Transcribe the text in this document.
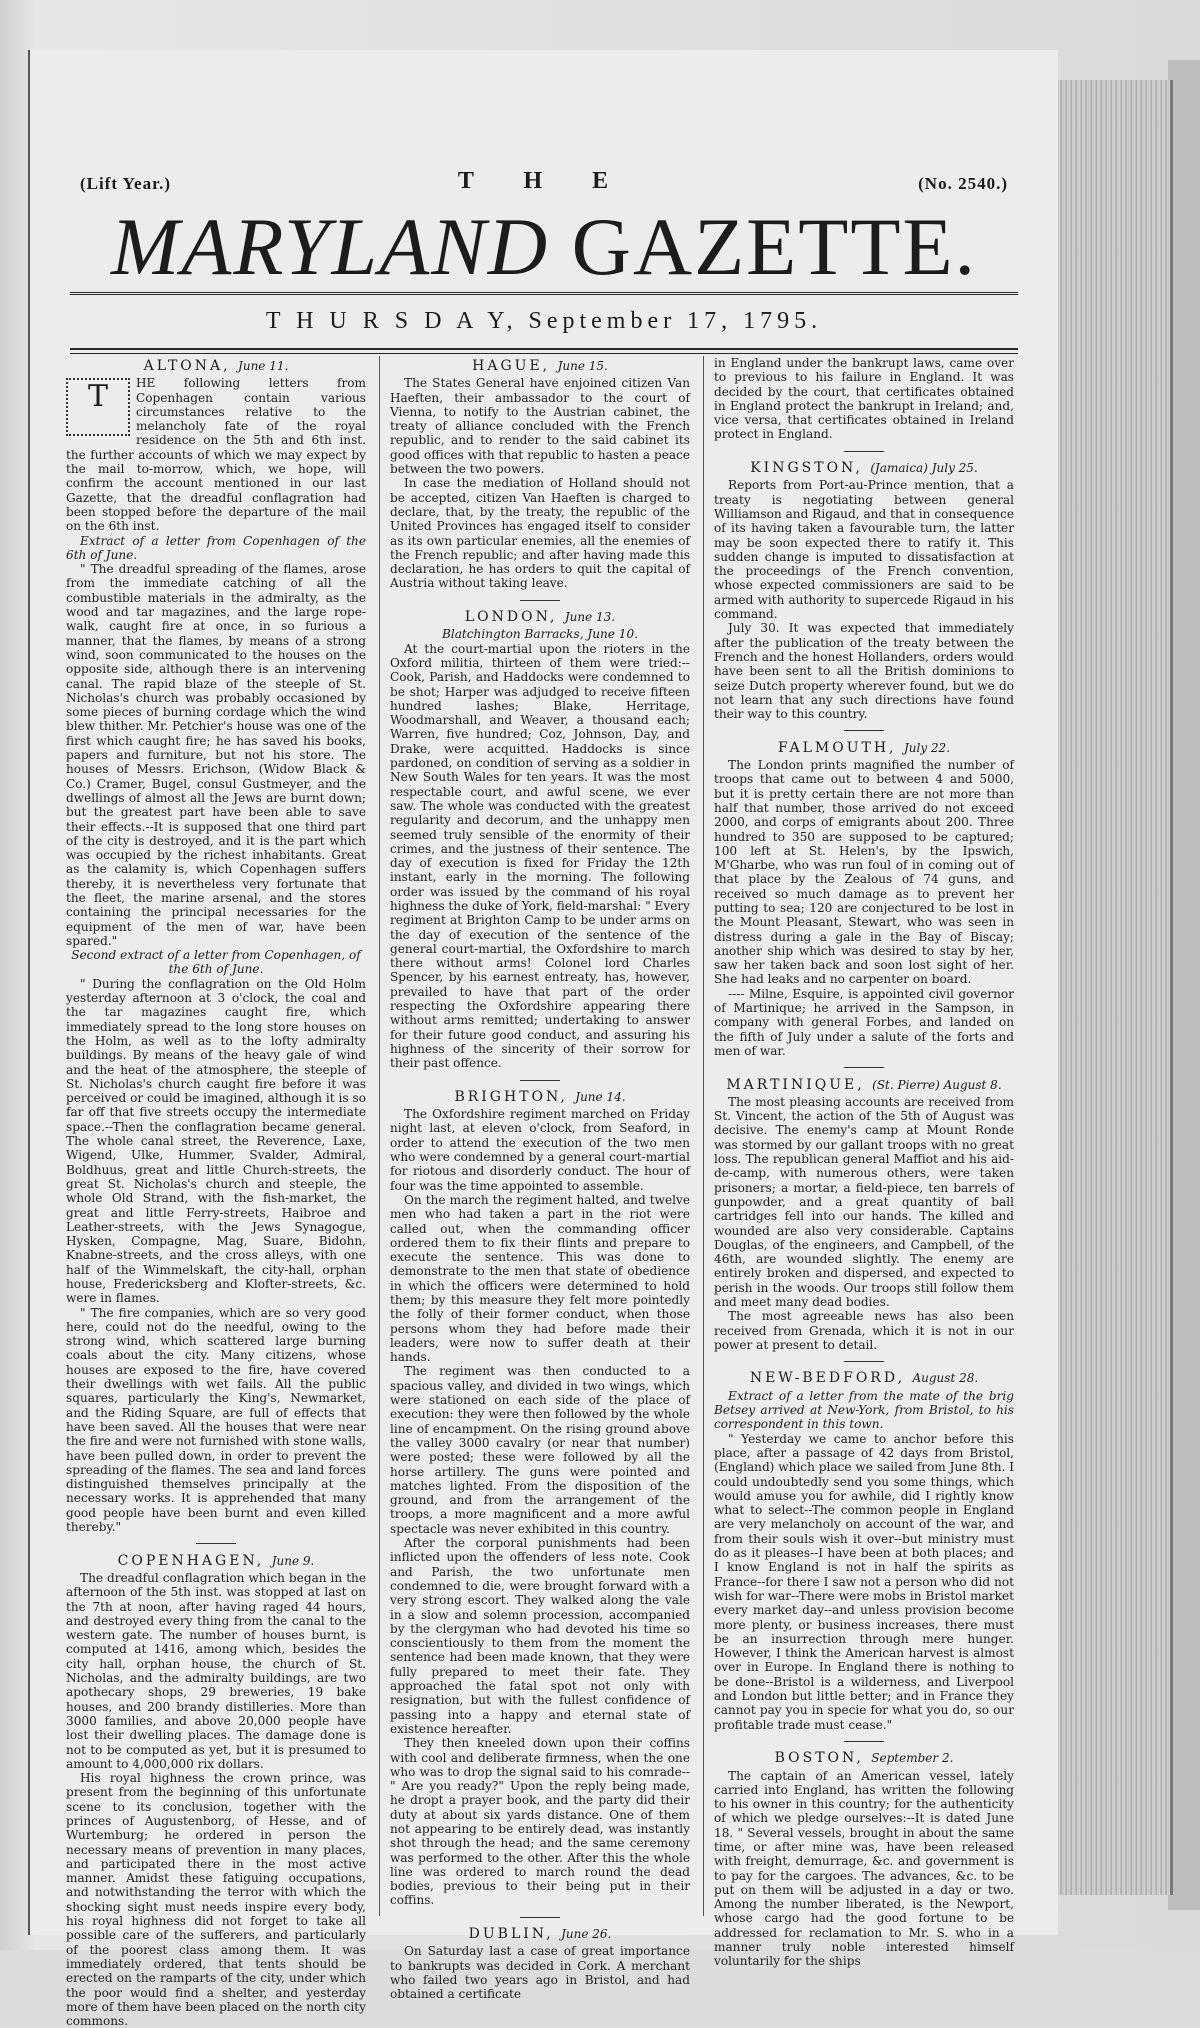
(Lift Year.)	T H E	(No. 2540.)
MARYLAND GAZETTE.
T H U R S D A Y, September 17, 1795.
ALTONA, June 11.
T	HE following letters from Copenhagen contain various circumstances relative to the melancholy fate of the royal residence on the 5th and 6th inst. the further accounts of which we may expect by the mail to-morrow, which, we hope, will confirm the account mentioned in our last Gazette, that the dreadful conflagration had been stopped before the departure of the mail on the 6th inst.

Extract of a letter from Copenhagen of the 6th of June.

" The dreadful spreading of the flames, arose from the immediate catching of all the combustible materials in the admiralty, as the wood and tar magazines, and the large rope-walk, caught fire at once, in so furious a manner, that the flames, by means of a strong wind, soon communicated to the houses on the opposite side, although there is an intervening canal. The rapid blaze of the steeple of St. Nicholas's church was probably occasioned by some pieces of burning cordage which the wind blew thither. Mr. Petchier's house was one of the first which caught fire; he has saved his books, papers and furniture, but not his store. The houses of Messrs. Erichson, (Widow Black & Co.) Cramer, Bugel, consul Gustmeyer, and the dwellings of almost all the Jews are burnt down; but the greatest part have been able to save their effects.--It is supposed that one third part of the city is destroyed, and it is the part which was occupied by the richest inhabitants. Great as the calamity is, which Copenhagen suffers thereby, it is nevertheless very fortunate that the fleet, the marine arsenal, and the stores containing the principal necessaries for the equipment of the men of war, have been spared."

Second extract of a letter from Copenhagen, of the 6th of June.

" During the conflagration on the Old Holm yesterday afternoon at 3 o'clock, the coal and the tar magazines caught fire, which immediately spread to the long store houses on the Holm, as well as to the lofty admiralty buildings. By means of the heavy gale of wind and the heat of the atmosphere, the steeple of St. Nicholas's church caught fire before it was perceived or could be imagined, although it is so far off that five streets occupy the intermediate space.--Then the conflagration became general. The whole canal street, the Reverence, Laxe, Wigend, Ulke, Hummer, Svalder, Admiral, Boldhuus, great and little Church-streets, the great St. Nicholas's church and steeple, the whole Old Strand, with the fish-market, the great and little Ferry-streets, Haibroe and Leather-streets, with the Jews Synagogue, Hysken, Compagne, Mag, Suare, Bidohn, Knabne-streets, and the cross alleys, with one half of the Wimmelskaft, the city-hall, orphan house, Fredericksberg and Klofter-streets, &c. were in flames.

" The fire companies, which are so very good here, could not do the needful, owing to the strong wind, which scattered large burning coals about the city. Many citizens, whose houses are exposed to the fire, have covered their dwellings with wet fails. All the public squares, particularly the King's, Newmarket, and the Riding Square, are full of effects that have been saved. All the houses that were near the fire and were not furnished with stone walls, have been pulled down, in order to prevent the spreading of the flames. The sea and land forces distinguished themselves principally at the necessary works. It is apprehended that many good people have been burnt and even killed thereby."

COPENHAGEN, June 9.

The dreadful conflagration which began in the afternoon of the 5th inst. was stopped at last on the 7th at noon, after having raged 44 hours, and destroyed every thing from the canal to the western gate. The number of houses burnt, is computed at 1416, among which, besides the city hall, orphan house, the church of St. Nicholas, and the admiralty buildings, are two apothecary shops, 29 breweries, 19 bake houses, and 200 brandy distilleries. More than 3000 families, and above 20,000 people have lost their dwelling places. The damage done is not to be computed as yet, but it is presumed to amount to 4,000,000 rix dollars.

His royal highness the crown prince, was present from the beginning of this unfortunate scene to its conclusion, together with the princes of Augustenborg, of Hesse, and of Wurtemburg; he ordered in person the necessary means of prevention in many places, and participated there in the most active manner. Amidst these fatiguing occupations, and notwithstanding the terror with which the shocking sight must needs inspire every body, his royal highness did not forget to take all possible care of the sufferers, and particularly of the poorest class among them. It was immediately ordered, that tents should be erected on the ramparts of the city, under which the poor would find a shelter, and yesterday more of them have been placed on the north city commons.

HAGUE, June 15.

The States General have enjoined citizen Van Haeften, their ambassador to the court of Vienna, to notify to the Austrian cabinet, the treaty of alliance concluded with the French republic, and to render to the said cabinet its good offices with that republic to hasten a peace between the two powers.

In case the mediation of Holland should not be accepted, citizen Van Haeften is charged to declare, that, by the treaty, the republic of the United Provinces has engaged itself to consider as its own particular enemies, all the enemies of the French republic; and after having made this declaration, he has orders to quit the capital of Austria without taking leave.

LONDON, June 13.

Blatchington Barracks, June 10.

At the court-martial upon the rioters in the Oxford militia, thirteen of them were tried:--Cook, Parish, and Haddocks were condemned to be shot; Harper was adjudged to receive fifteen hundred lashes; Blake, Herritage, Woodmarshall, and Weaver, a thousand each; Warren, five hundred; Coz, Johnson, Day, and Drake, were acquitted. Haddocks is since pardoned, on condition of serving as a soldier in New South Wales for ten years. It was the most respectable court, and awful scene, we ever saw. The whole was conducted with the greatest regularity and decorum, and the unhappy men seemed truly sensible of the enormity of their crimes, and the justness of their sentence. The day of execution is fixed for Friday the 12th instant, early in the morning. The following order was issued by the command of his royal highness the duke of York, field-marshal: " Every regiment at Brighton Camp to be under arms on the day of execution of the sentence of the general court-martial, the Oxfordshire to march there without arms! Colonel lord Charles Spencer, by his earnest entreaty, has, however, prevailed to have that part of the order respecting the Oxfordshire appearing there without arms remitted; undertaking to answer for their future good conduct, and assuring his highness of the sincerity of their sorrow for their past offence.

BRIGHTON, June 14.

The Oxfordshire regiment marched on Friday night last, at eleven o'clock, from Seaford, in order to attend the execution of the two men who were condemned by a general court-martial for riotous and disorderly conduct. The hour of four was the time appointed to assemble.

On the march the regiment halted, and twelve men who had taken a part in the riot were called out, when the commanding officer ordered them to fix their flints and prepare to execute the sentence. This was done to demonstrate to the men that state of obedience in which the officers were determined to hold them; by this measure they felt more pointedly the folly of their former conduct, when those persons whom they had before made their leaders, were now to suffer death at their hands.

The regiment was then conducted to a spacious valley, and divided in two wings, which were stationed on each side of the place of execution: they were then followed by the whole line of encampment. On the rising ground above the valley 3000 cavalry (or near that number) were posted; these were followed by all the horse artillery. The guns were pointed and matches lighted. From the disposition of the ground, and from the arrangement of the troops, a more magnificent and a more awful spectacle was never exhibited in this country.

After the corporal punishments had been inflicted upon the offenders of less note. Cook and Parish, the two unfortunate men condemned to die, were brought forward with a very strong escort. They walked along the vale in a slow and solemn procession, accompanied by the clergyman who had devoted his time so conscientiously to them from the moment the sentence had been made known, that they were fully prepared to meet their fate. They approached the fatal spot not only with resignation, but with the fullest confidence of passing into a happy and eternal state of existence hereafter.

They then kneeled down upon their coffins with cool and deliberate firmness, when the one who was to drop the signal said to his comrade--" Are you ready?" Upon the reply being made, he dropt a prayer book, and the party did their duty at about six yards distance. One of them not appearing to be entirely dead, was instantly shot through the head; and the same ceremony was performed to the other. After this the whole line was ordered to march round the dead bodies, previous to their being put in their coffins.

DUBLIN, June 26.

On Saturday last a case of great importance to bankrupts was decided in Cork. A merchant who failed two years ago in Bristol, and had obtained a certificate

in England under the bankrupt laws, came over to previous to his failure in England. It was decided by the court, that certificates obtained in England protect the bankrupt in Ireland; and, vice versa, that certificates obtained in Ireland protect in England.

KINGSTON, (Jamaica) July 25.

Reports from Port-au-Prince mention, that a treaty is negotiating between general Williamson and Rigaud, and that in consequence of its having taken a favourable turn, the latter may be soon expected there to ratify it. This sudden change is imputed to dissatisfaction at the proceedings of the French convention, whose expected commissioners are said to be armed with authority to supercede Rigaud in his command.

July 30. It was expected that immediately after the publication of the treaty between the French and the honest Hollanders, orders would have been sent to all the British dominions to seize Dutch property wherever found, but we do not learn that any such directions have found their way to this country.

FALMOUTH, July 22.

The London prints magnified the number of troops that came out to between 4 and 5000, but it is pretty certain there are not more than half that number, those arrived do not exceed 2000, and corps of emigrants about 200. Three hundred to 350 are supposed to be captured; 100 left at St. Helen's, by the Ipswich, M'Gharbe, who was run foul of in coming out of that place by the Zealous of 74 guns, and received so much damage as to prevent her putting to sea; 120 are conjectured to be lost in the Mount Pleasant, Stewart, who was seen in distress during a gale in the Bay of Biscay; another ship which was desired to stay by her, saw her taken back and soon lost sight of her. She had leaks and no carpenter on board.

---- Milne, Esquire, is appointed civil governor of Martinique; he arrived in the Sampson, in company with general Forbes, and landed on the fifth of July under a salute of the forts and men of war.

MARTINIQUE, (St. Pierre) August 8.

The most pleasing accounts are received from St. Vincent, the action of the 5th of August was decisive. The enemy's camp at Mount Ronde was stormed by our gallant troops with no great loss. The republican general Maffiot and his aid-de-camp, with numerous others, were taken prisoners; a mortar, a field-piece, ten barrels of gunpowder, and a great quantity of ball cartridges fell into our hands. The killed and wounded are also very considerable. Captains Douglas, of the engineers, and Campbell, of the 46th, are wounded slightly. The enemy are entirely broken and dispersed, and expected to perish in the woods. Our troops still follow them and meet many dead bodies.

The most agreeable news has also been received from Grenada, which it is not in our power at present to detail.

NEW-BEDFORD, August 28.

Extract of a letter from the mate of the brig Betsey arrived at New-York, from Bristol, to his correspondent in this town.

" Yesterday we came to anchor before this place, after a passage of 42 days from Bristol, (England) which place we sailed from June 8th. I could undoubtedly send you some things, which would amuse you for awhile, did I rightly know what to select--The common people in England are very melancholy on account of the war, and from their souls wish it over--but ministry must do as it pleases--I have been at both places; and I know England is not in half the spirits as France--for there I saw not a person who did not wish for war--There were mobs in Bristol market every market day--and unless provision become more plenty, or business increases, there must be an insurrection through mere hunger. However, I think the American harvest is almost over in Europe. In England there is nothing to be done--Bristol is a wilderness, and Liverpool and London but little better; and in France they cannot pay you in specie for what you do, so our profitable trade must cease."

BOSTON, September 2.

The captain of an American vessel, lately carried into England, has written the following to his owner in this country; for the authenticity of which we pledge ourselves:--It is dated June 18. " Several vessels, brought in about the same time, or after mine was, have been released with freight, demurrage, &c. and government is to pay for the cargoes. The advances, &c. to be put on them will be adjusted in a day or two. Among the number liberated, is the Newport, whose cargo had the good fortune to be addressed for reclamation to Mr. S. who in a manner truly noble interested himself voluntarily for the ships
